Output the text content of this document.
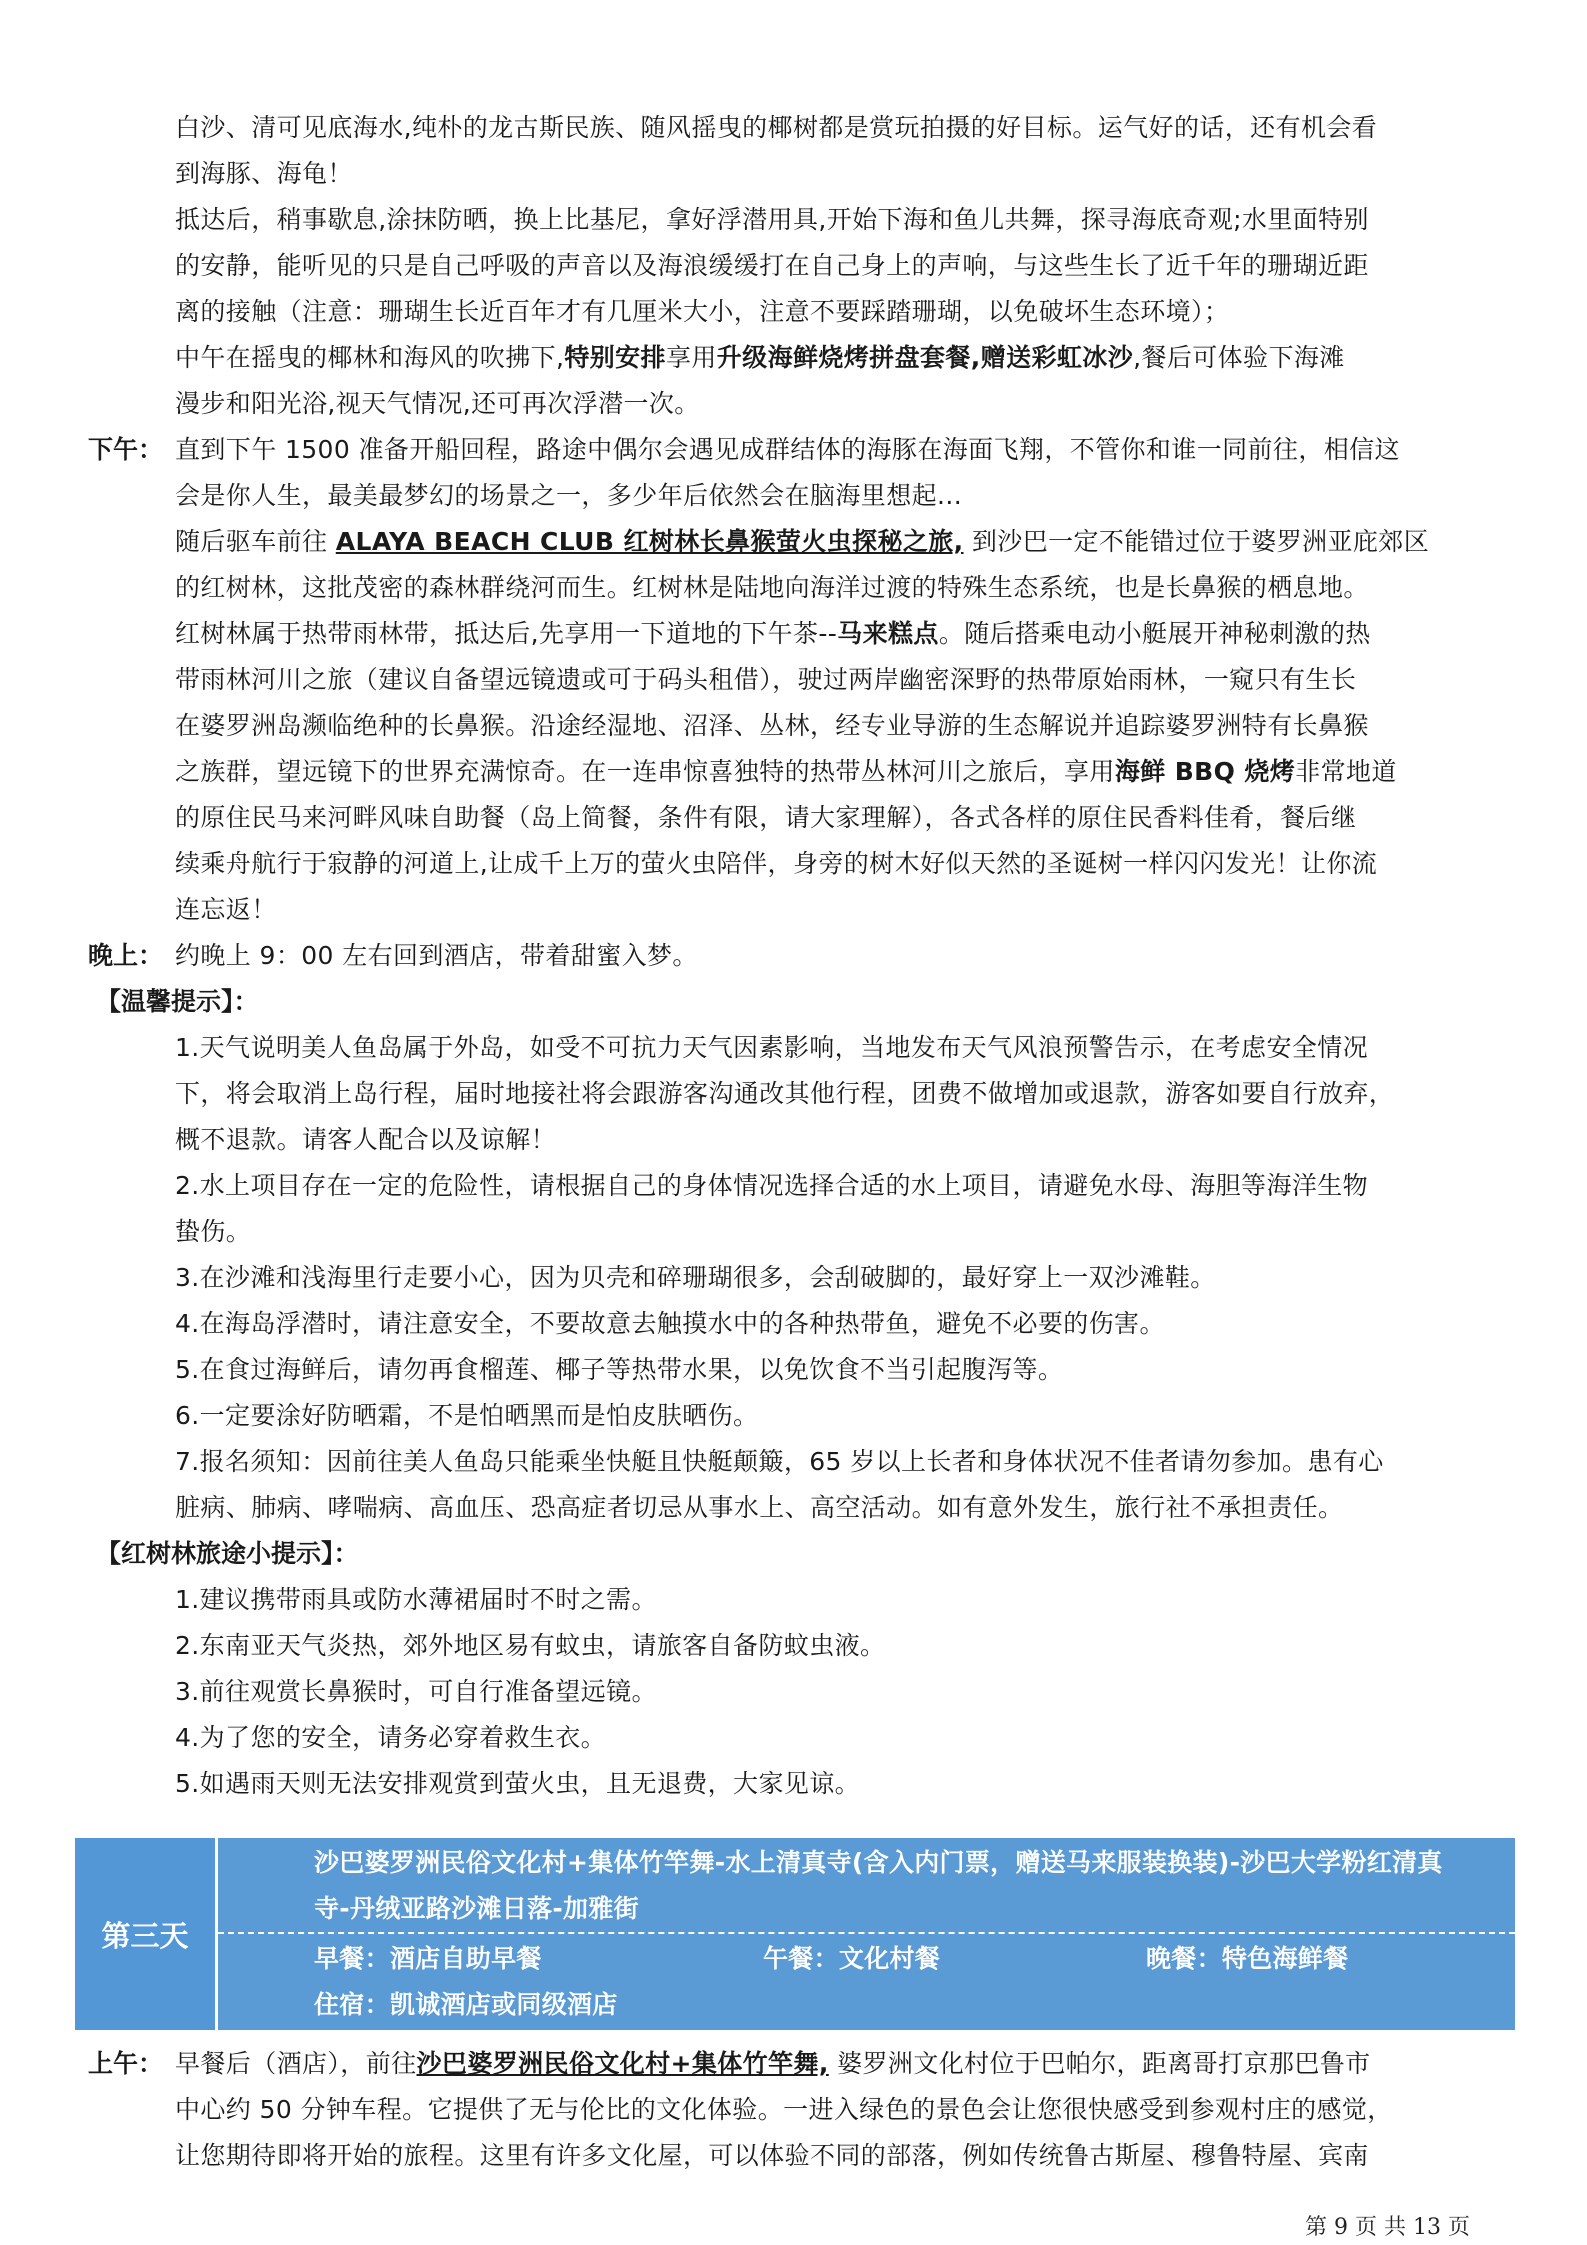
白沙、清可见底海水,纯朴的龙古斯民族、随风摇曳的椰树都是赏玩拍摄的好目标。运气好的话，还有机会看
到海豚、海龟！
抵达后，稍事歇息,涂抹防晒，换上比基尼，拿好浮潜用具,开始下海和鱼儿共舞，探寻海底奇观;水里面特别
的安静，能听见的只是自己呼吸的声音以及海浪缓缓打在自己身上的声响，与这些生长了近千年的珊瑚近距
离的接触（注意：珊瑚生长近百年才有几厘米大小，注意不要踩踏珊瑚，以免破坏生态环境）；
中午在摇曳的椰林和海风的吹拂下,特别安排享用升级海鲜烧烤拼盘套餐,赠送彩虹冰沙,餐后可体验下海滩
漫步和阳光浴,视天气情况,还可再次浮潜一次。
下午： 直到下午 1500 准备开船回程，路途中偶尔会遇见成群结体的海豚在海面飞翔，不管你和谁一同前往，相信这
会是你人生，最美最梦幻的场景之一，多少年后依然会在脑海里想起...
随后驱车前往 ALAYA BEACH CLUB 红树林长鼻猴萤火虫探秘之旅, 到沙巴一定不能错过位于婆罗洲亚庇郊区
的红树林，这批茂密的森林群绕河而生。红树林是陆地向海洋过渡的特殊生态系统，也是长鼻猴的栖息地。
红树林属于热带雨林带，抵达后,先享用一下道地的下午茶--马来糕点。随后搭乘电动小艇展开神秘刺激的热
带雨林河川之旅（建议自备望远镜遗或可于码头租借），驶过两岸幽密深野的热带原始雨林，一窥只有生长
在婆罗洲岛濒临绝种的长鼻猴。沿途经湿地、沼泽、丛林，经专业导游的生态解说并追踪婆罗洲特有长鼻猴
之族群，望远镜下的世界充满惊奇。在一连串惊喜独特的热带丛林河川之旅后，享用海鲜 BBQ 烧烤非常地道
的原住民马来河畔风味自助餐（岛上简餐，条件有限，请大家理解），各式各样的原住民香料佳肴，餐后继
续乘舟航行于寂静的河道上,让成千上万的萤火虫陪伴，身旁的树木好似天然的圣诞树一样闪闪发光！让你流
连忘返！
晚上： 约晚上 9：00 左右回到酒店，带着甜蜜入梦。
【温馨提示】：
1.天气说明美人鱼岛属于外岛，如受不可抗力天气因素影响，当地发布天气风浪预警告示，在考虑安全情况
下，将会取消上岛行程，届时地接社将会跟游客沟通改其他行程，团费不做增加或退款，游客如要自行放弃，
概不退款。请客人配合以及谅解！
2.水上项目存在一定的危险性，请根据自己的身体情况选择合适的水上项目，请避免水母、海胆等海洋生物
蛰伤。
3.在沙滩和浅海里行走要小心，因为贝壳和碎珊瑚很多，会刮破脚的，最好穿上一双沙滩鞋。
4.在海岛浮潜时，请注意安全，不要故意去触摸水中的各种热带鱼，避免不必要的伤害。
5.在食过海鲜后，请勿再食榴莲、椰子等热带水果，以免饮食不当引起腹泻等。
6.一定要涂好防晒霜，不是怕晒黑而是怕皮肤晒伤。
7.报名须知：因前往美人鱼岛只能乘坐快艇且快艇颠簸，65 岁以上长者和身体状况不佳者请勿参加。患有心
脏病、肺病、哮喘病、高血压、恐高症者切忌从事水上、高空活动。如有意外发生，旅行社不承担责任。
【红树林旅途小提示】：
1.建议携带雨具或防水薄裙届时不时之需。
2.东南亚天气炎热，郊外地区易有蚊虫，请旅客自备防蚊虫液。
3.前往观赏长鼻猴时，可自行准备望远镜。
4.为了您的安全，请务必穿着救生衣。
5.如遇雨天则无法安排观赏到萤火虫，且无退费，大家见谅。
第三天
沙巴婆罗洲民俗文化村+集体竹竿舞-水上清真寺(含入内门票，赠送马来服装换装)-沙巴大学粉红清真
寺-丹绒亚路沙滩日落-加雅街
早餐：酒店自助早餐	午餐：文化村餐	晚餐：特色海鲜餐
住宿：凯诚酒店或同级酒店
上午： 早餐后（酒店），前往沙巴婆罗洲民俗文化村+集体竹竿舞, 婆罗洲文化村位于巴帕尔，距离哥打京那巴鲁市
中心约 50 分钟车程。它提供了无与伦比的文化体验。一进入绿色的景色会让您很快感受到参观村庄的感觉，
让您期待即将开始的旅程。这里有许多文化屋，可以体验不同的部落，例如传统鲁古斯屋、穆鲁特屋、宾南
第 9 页 共 13 页
